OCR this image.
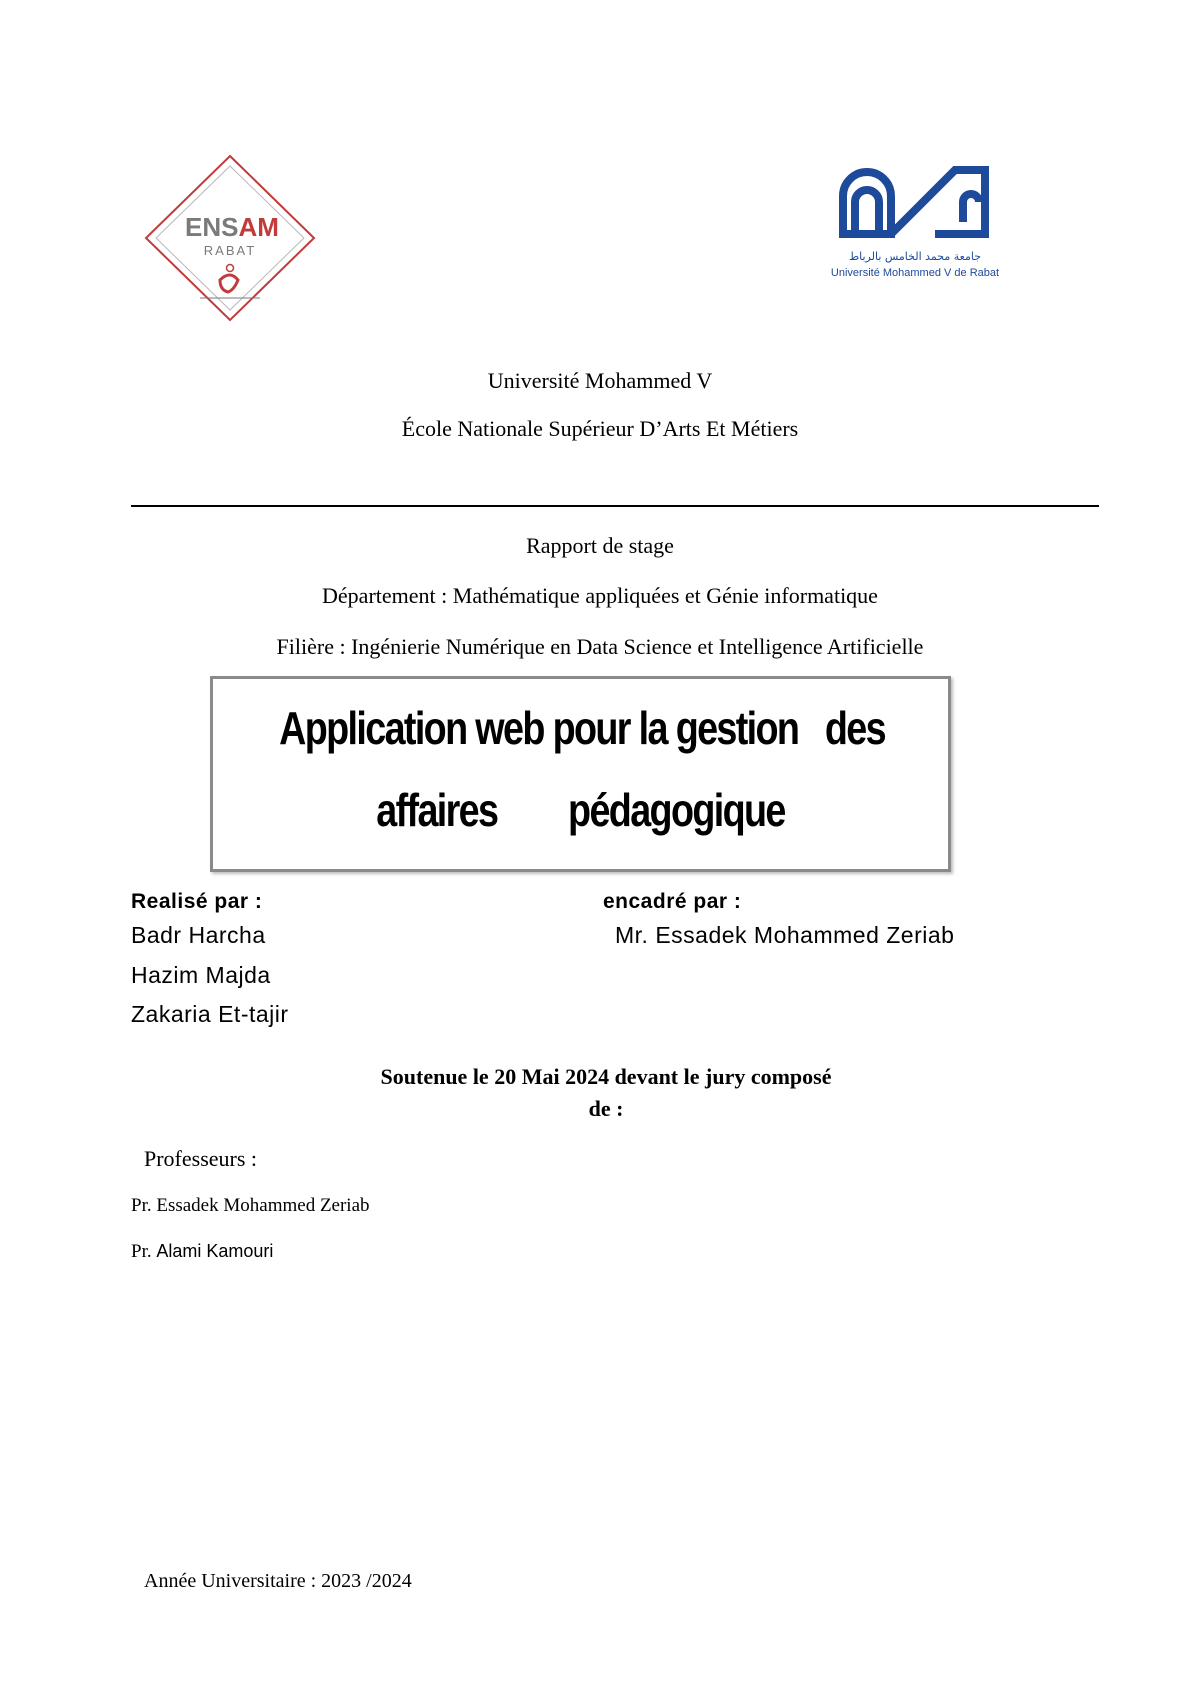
ENSAM
RABAT	جامعة محمد الخامس بالرباط
Université Mohammed V de Rabat
Université Mohammed V
École Nationale Supérieur D’Arts Et Métiers
Rapport de stage
Département : Mathématique appliquées et Génie informatique
Filière : Ingénierie Numérique en Data Science et Intelligence Artificielle
Application web pour la gestion   des
affaires        pédagogique
Realisé par :
Badr Harcha
Hazim Majda
Zakaria Et-tajir
encadré par :
Mr. Essadek Mohammed Zeriab
Soutenue le 20 Mai 2024 devant le jury composé
de :
Professeurs :
Pr. Essadek Mohammed Zeriab
Pr. Alami Kamouri
Année Universitaire : 2023 /2024
